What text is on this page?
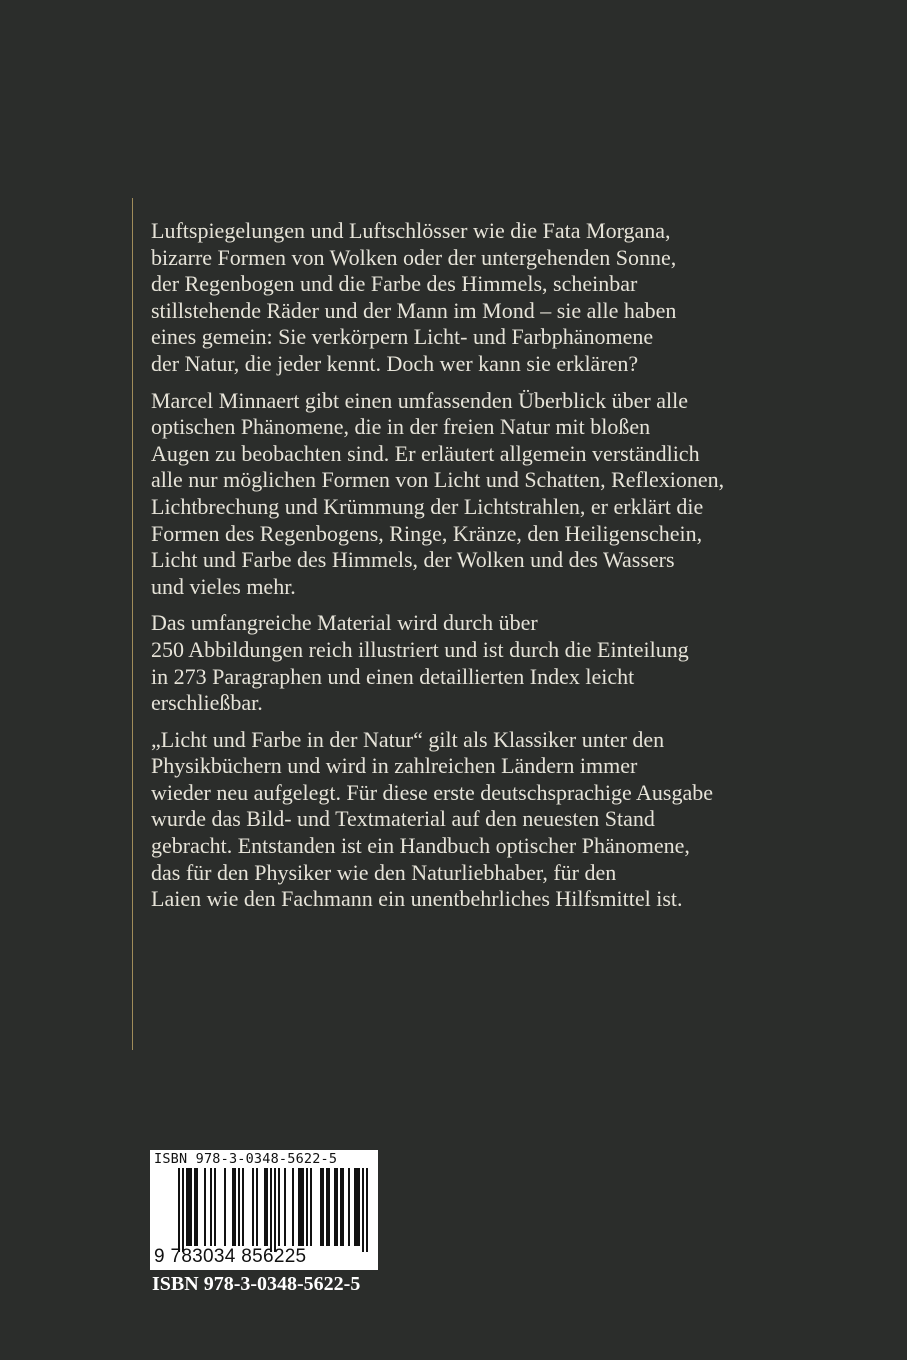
Luftspiegelungen und Luftschlösser wie die Fata Morgana,
bizarre Formen von Wolken oder der untergehenden Sonne,
der Regenbogen und die Farbe des Himmels, scheinbar
stillstehende Räder und der Mann im Mond – sie alle haben
eines gemein: Sie verkörpern Licht- und Farbphänomene
der Natur, die jeder kennt. Doch wer kann sie erklären?

Marcel Minnaert gibt einen umfassenden Überblick über alle
optischen Phänomene, die in der freien Natur mit bloßen
Augen zu beobachten sind. Er erläutert allgemein verständlich
alle nur möglichen Formen von Licht und Schatten, Reflexionen,
Lichtbrechung und Krümmung der Lichtstrahlen, er erklärt die
Formen des Regenbogens, Ringe, Kränze, den Heiligenschein,
Licht und Farbe des Himmels, der Wolken und des Wassers
und vieles mehr.

Das umfangreiche Material wird durch über
250 Abbildungen reich illustriert und ist durch die Einteilung
in 273 Paragraphen und einen detaillierten Index leicht
erschließbar.

„Licht und Farbe in der Natur“ gilt als Klassiker unter den
Physikbüchern und wird in zahlreichen Ländern immer
wieder neu aufgelegt. Für diese erste deutschsprachige Ausgabe
wurde das Bild- und Textmaterial auf den neuesten Stand
gebracht. Entstanden ist ein Handbuch optischer Phänomene,
das für den Physiker wie den Naturliebhaber, für den
Laien wie den Fachmann ein unentbehrliches Hilfsmittel ist.

ISBN 978-3-0348-5622-5
9 783034 856225
ISBN 978-3-0348-5622-5
